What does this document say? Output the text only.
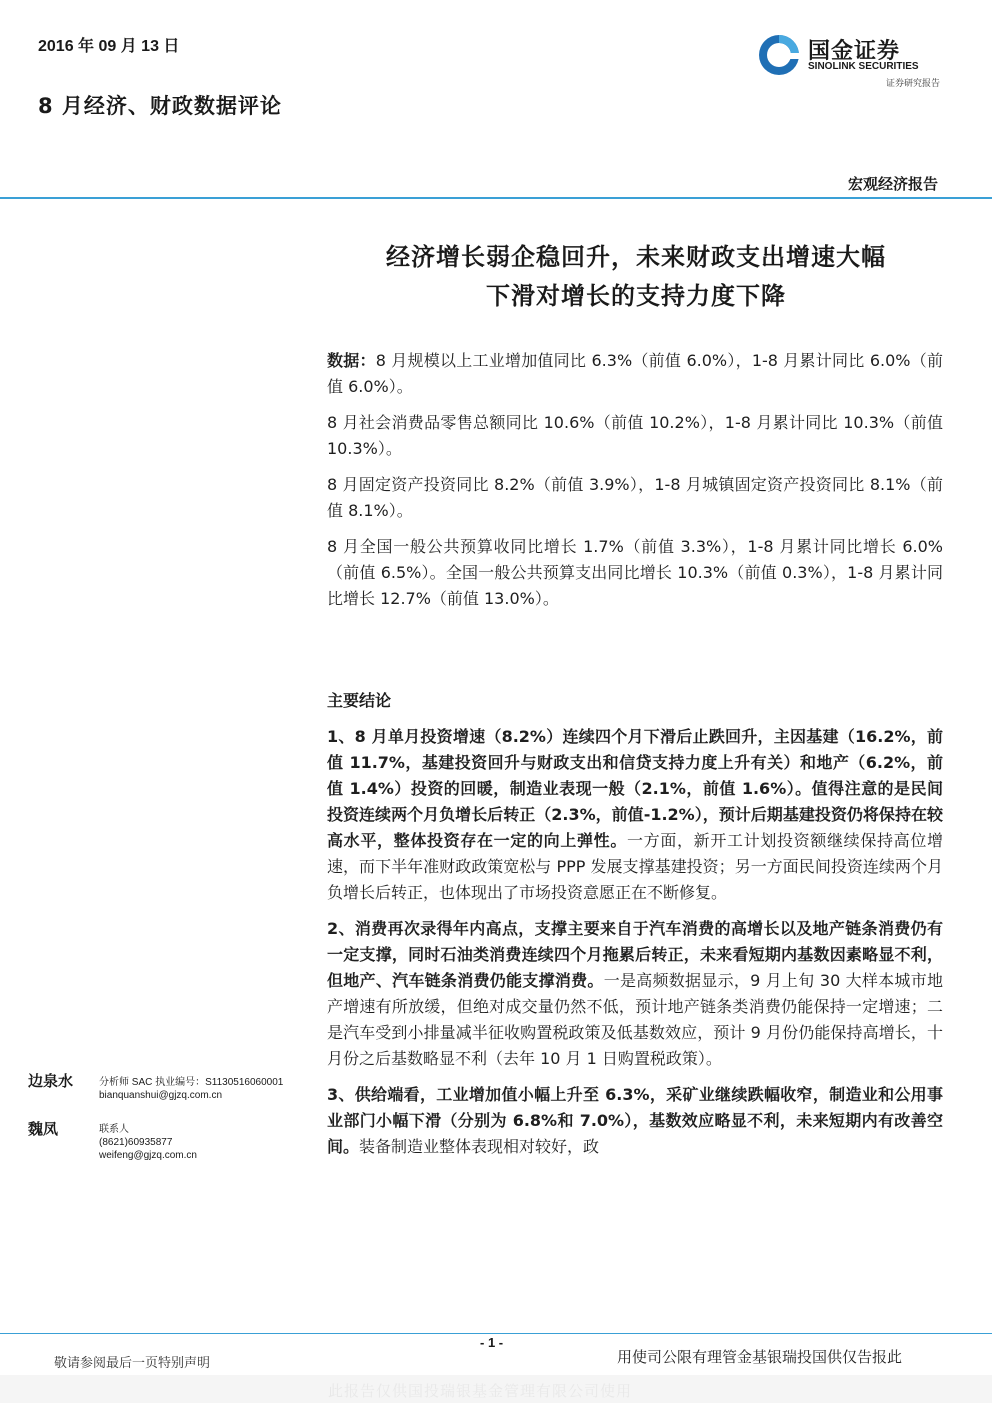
2016 年 09 月 13 日
8 月经济、财政数据评论
国金证券
SINOLINK SECURITIES
证券研究报告
宏观经济报告
经济增长弱企稳回升，未来财政支出增速大幅
下滑对增长的支持力度下降

数据：8 月规模以上工业增加值同比 6.3%（前值 6.0%），1-8 月累计同比 6.0%（前值 6.0%）。

8 月社会消费品零售总额同比 10.6%（前值 10.2%），1-8 月累计同比 10.3%（前值 10.3%）。

8 月固定资产投资同比 8.2%（前值 3.9%），1-8 月城镇固定资产投资同比 8.1%（前值 8.1%）。

8 月全国一般公共预算收同比增长 1.7%（前值 3.3%），1-8 月累计同比增长 6.0%（前值 6.5%）。全国一般公共预算支出同比增长 10.3%（前值 0.3%），1-8 月累计同比增长 12.7%（前值 13.0%）。

主要结论

1、8 月单月投资增速（8.2%）连续四个月下滑后止跌回升，主因基建（16.2%，前值 11.7%，基建投资回升与财政支出和信贷支持力度上升有关）和地产（6.2%，前值 1.4%）投资的回暖，制造业表现一般（2.1%，前值 1.6%）。值得注意的是民间投资连续两个月负增长后转正（2.3%，前值-1.2%），预计后期基建投资仍将保持在较高水平，整体投资存在一定的向上弹性。一方面，新开工计划投资额继续保持高位增速，而下半年准财政政策宽松与 PPP 发展支撑基建投资；另一方面民间投资连续两个月负增长后转正，也体现出了市场投资意愿正在不断修复。

2、消费再次录得年内高点，支撑主要来自于汽车消费的高增长以及地产链条消费仍有一定支撑，同时石油类消费连续四个月拖累后转正，未来看短期内基数因素略显不利，但地产、汽车链条消费仍能支撑消费。一是高频数据显示，9 月上旬 30 大样本城市地产增速有所放缓，但绝对成交量仍然不低，预计地产链条类消费仍能保持一定增速；二是汽车受到小排量减半征收购置税政策及低基数效应，预计 9 月份仍能保持高增长，十月份之后基数略显不利（去年 10 月 1 日购置税政策）。

3、供给端看，工业增加值小幅上升至 6.3%，采矿业继续跌幅收窄，制造业和公用事业部门小幅下滑（分别为 6.8%和 7.0%），基数效应略显不利，未来短期内有改善空间。装备制造业整体表现相对较好，政

边泉水	分析师 SAC 执业编号：S1130516060001
bianquanshui@gjzq.com.cn
魏凤	联系人
(8621)60935877
weifeng@gjzq.com.cn
- 1 -
敬请参阅最后一页特别声明	用使司公限有理管金基银瑞投国供仅告报此
此报告仅供国投瑞银基金管理有限公司使用
